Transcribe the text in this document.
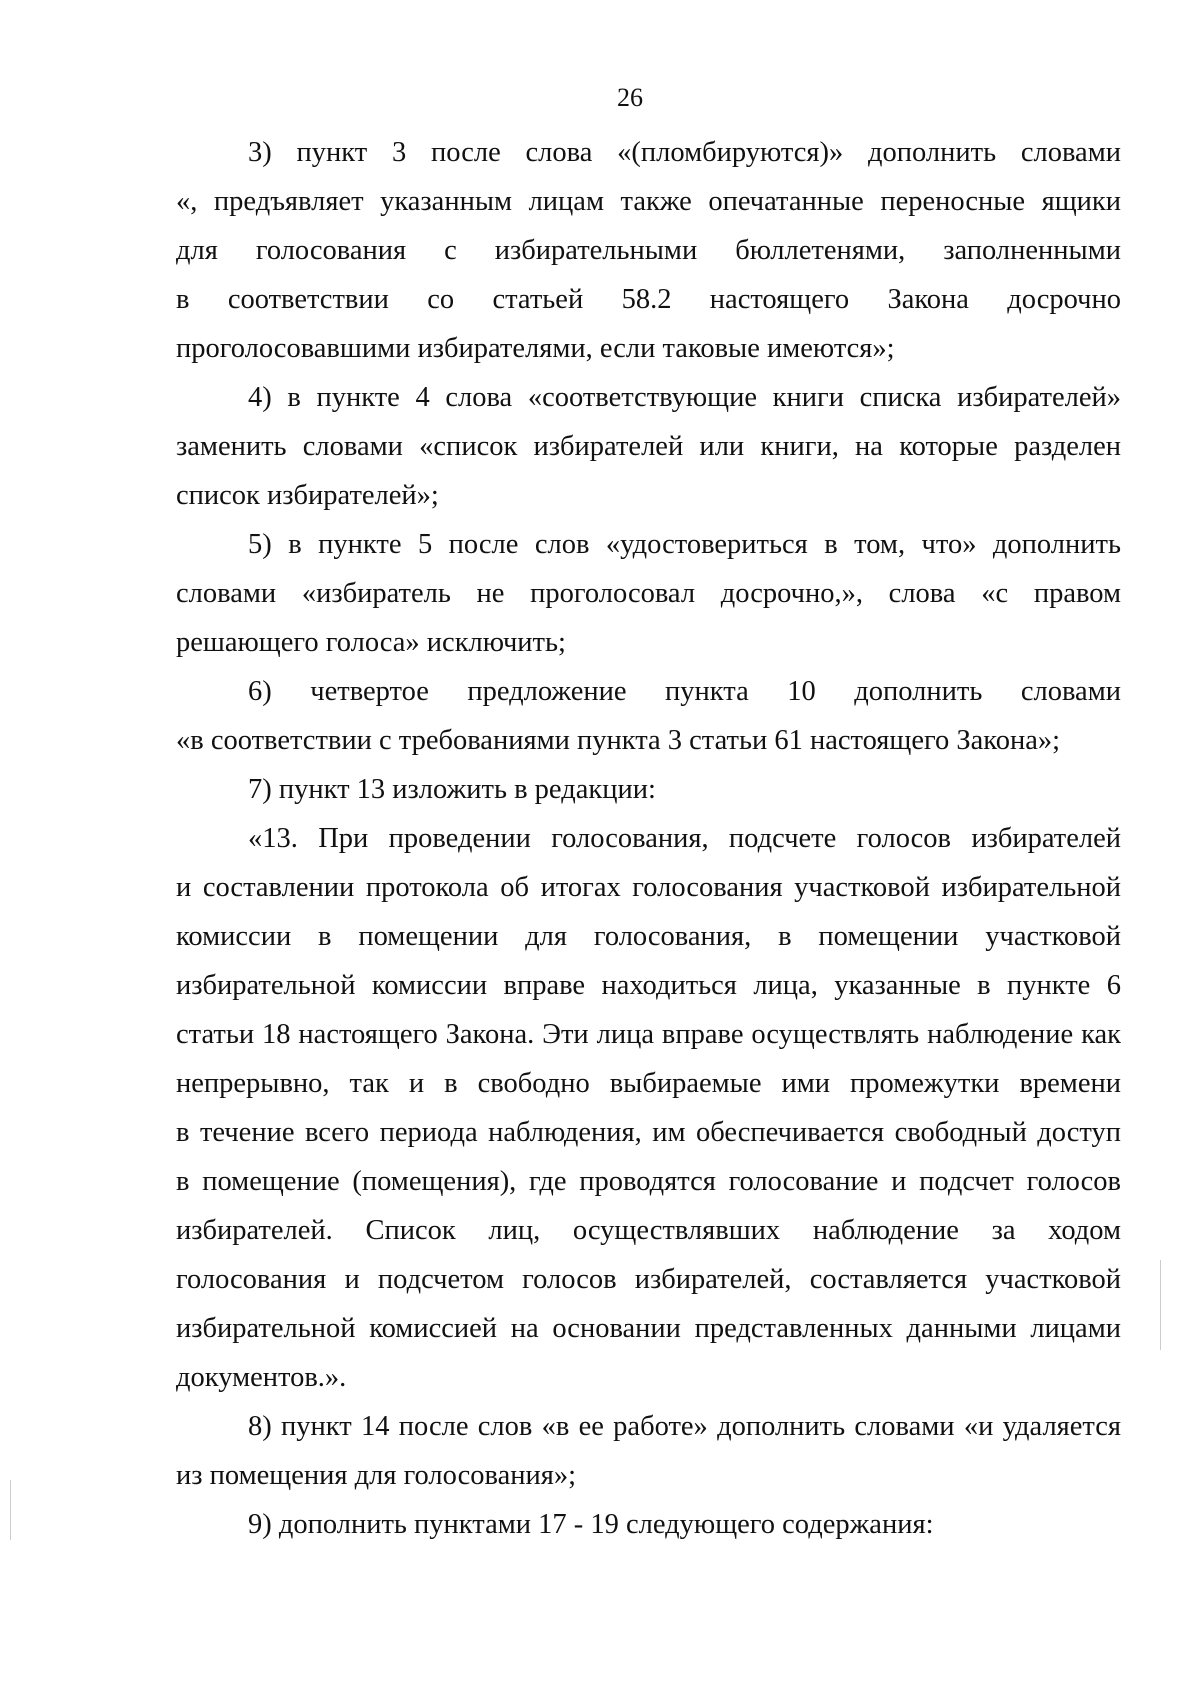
26
3) пункт 3 после слова «(пломбируются)» дополнить словами
«, предъявляет указанным лицам также опечатанные переносные ящики
для голосования с избирательными бюллетенями, заполненными
в соответствии со статьей 58.2 настоящего Закона досрочно
проголосовавшими избирателями, если таковые имеются»;
4) в пункте 4 слова «соответствующие книги списка избирателей»
заменить словами «список избирателей или книги, на которые разделен
список избирателей»;
5) в пункте 5 после слов «удостовериться в том, что» дополнить
словами «избиратель не проголосовал досрочно,», слова «с правом
решающего голоса» исключить;
6) четвертое предложение пункта 10 дополнить словами
«в соответствии с требованиями пункта 3 статьи 61 настоящего Закона»;
7) пункт 13 изложить в редакции:
«13. При проведении голосования, подсчете голосов избирателей
и составлении протокола об итогах голосования участковой избирательной
комиссии в помещении для голосования, в помещении участковой
избирательной комиссии вправе находиться лица, указанные в пункте 6
статьи 18 настоящего Закона. Эти лица вправе осуществлять наблюдение как
непрерывно, так и в свободно выбираемые ими промежутки времени
в течение всего периода наблюдения, им обеспечивается свободный доступ
в помещение (помещения), где проводятся голосование и подсчет голосов
избирателей. Список лиц, осуществлявших наблюдение за ходом
голосования и подсчетом голосов избирателей, составляется участковой
избирательной комиссией на основании представленных данными лицами
документов.».
8) пункт 14 после слов «в ее работе» дополнить словами «и удаляется
из помещения для голосования»;
9) дополнить пунктами 17 - 19 следующего содержания:
